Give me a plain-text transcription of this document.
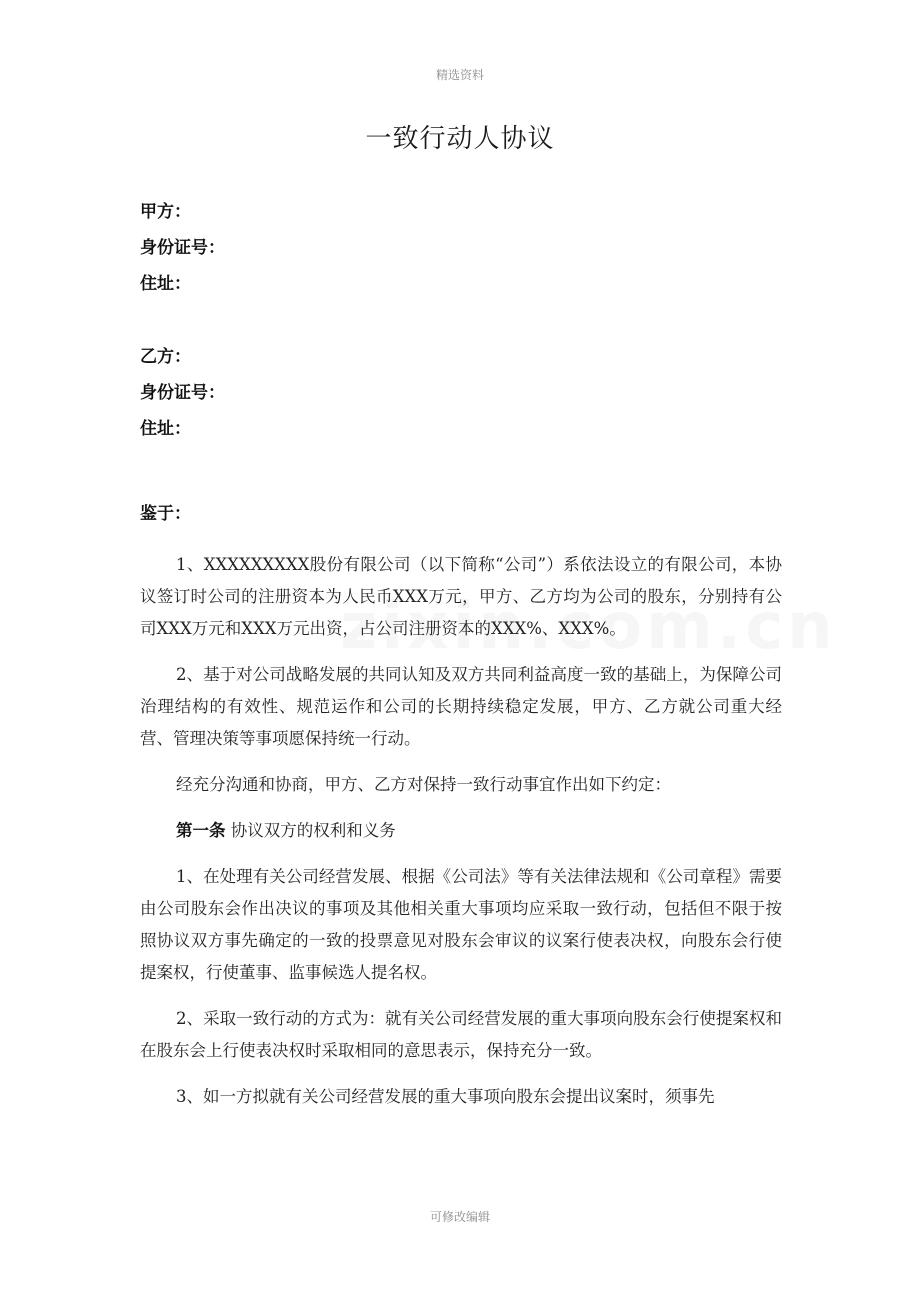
精选资料
一致行动人协议
甲方：
身份证号：
住址：
乙方：
身份证号：
住址：
鉴于：

1、XXXXXXXXX股份有限公司（以下简称“公司”）系依法设立的有限公司，本协议签订时公司的注册资本为人民币XXX万元，甲方、乙方均为公司的股东，分别持有公司XXX万元和XXX万元出资，占公司注册资本的XXX%、XXX%。

2、基于对公司战略发展的共同认知及双方共同利益高度一致的基础上，为保障公司治理结构的有效性、规范运作和公司的长期持续稳定发展，甲方、乙方就公司重大经营、管理决策等事项愿保持统一行动。

经充分沟通和协商，甲方、乙方对保持一致行动事宜作出如下约定：

第一条 协议双方的权利和义务

1、在处理有关公司经营发展、根据《公司法》等有关法律法规和《公司章程》需要由公司股东会作出决议的事项及其他相关重大事项均应采取一致行动，包括但不限于按照协议双方事先确定的一致的投票意见对股东会审议的议案行使表决权，向股东会行使提案权，行使董事、监事候选人提名权。

2、采取一致行动的方式为：就有关公司经营发展的重大事项向股东会行使提案权和在股东会上行使表决权时采取相同的意思表示，保持充分一致。

3、如一方拟就有关公司经营发展的重大事项向股东会提出议案时，须事先

可修改编辑
